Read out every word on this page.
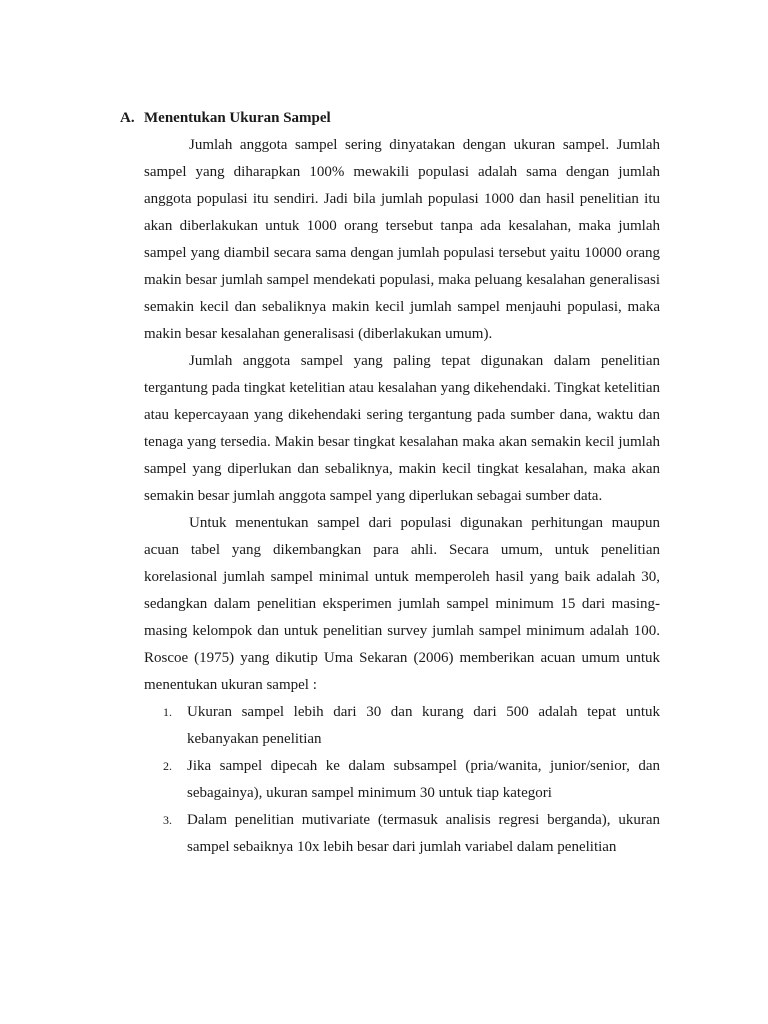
A. Menentukan Ukuran Sampel

Jumlah anggota sampel sering dinyatakan dengan ukuran sampel. Jumlah sampel yang diharapkan 100% mewakili populasi adalah sama dengan jumlah anggota populasi itu sendiri. Jadi bila jumlah populasi 1000 dan hasil penelitian itu akan diberlakukan untuk 1000 orang tersebut tanpa ada kesalahan, maka jumlah sampel yang diambil secara sama dengan jumlah populasi tersebut yaitu 10000 orang makin besar jumlah sampel mendekati populasi, maka peluang kesalahan generalisasi semakin kecil dan sebaliknya makin kecil jumlah sampel menjauhi populasi, maka makin besar kesalahan generalisasi (diberlakukan umum).

Jumlah anggota sampel yang paling tepat digunakan dalam penelitian tergantung pada tingkat ketelitian atau kesalahan yang dikehendaki. Tingkat ketelitian atau kepercayaan yang dikehendaki sering tergantung pada sumber dana, waktu dan tenaga yang tersedia. Makin besar tingkat kesalahan maka akan semakin kecil jumlah sampel yang diperlukan dan sebaliknya, makin kecil tingkat kesalahan, maka akan semakin besar jumlah anggota sampel yang diperlukan sebagai sumber data.

Untuk menentukan sampel dari populasi digunakan perhitungan maupun acuan tabel yang dikembangkan para ahli. Secara umum, untuk penelitian korelasional jumlah sampel minimal untuk memperoleh hasil yang baik adalah 30, sedangkan dalam penelitian eksperimen jumlah sampel minimum 15 dari masing-masing kelompok dan untuk penelitian survey jumlah sampel minimum adalah 100. Roscoe (1975) yang dikutip Uma Sekaran (2006) memberikan acuan umum untuk menentukan ukuran sampel :

1. Ukuran sampel lebih dari 30 dan kurang dari 500 adalah tepat untuk kebanyakan penelitian
2. Jika sampel dipecah ke dalam subsampel (pria/wanita, junior/senior, dan sebagainya), ukuran sampel minimum 30 untuk tiap kategori
3. Dalam penelitian mutivariate (termasuk analisis regresi berganda), ukuran sampel sebaiknya 10x lebih besar dari jumlah variabel dalam penelitian
